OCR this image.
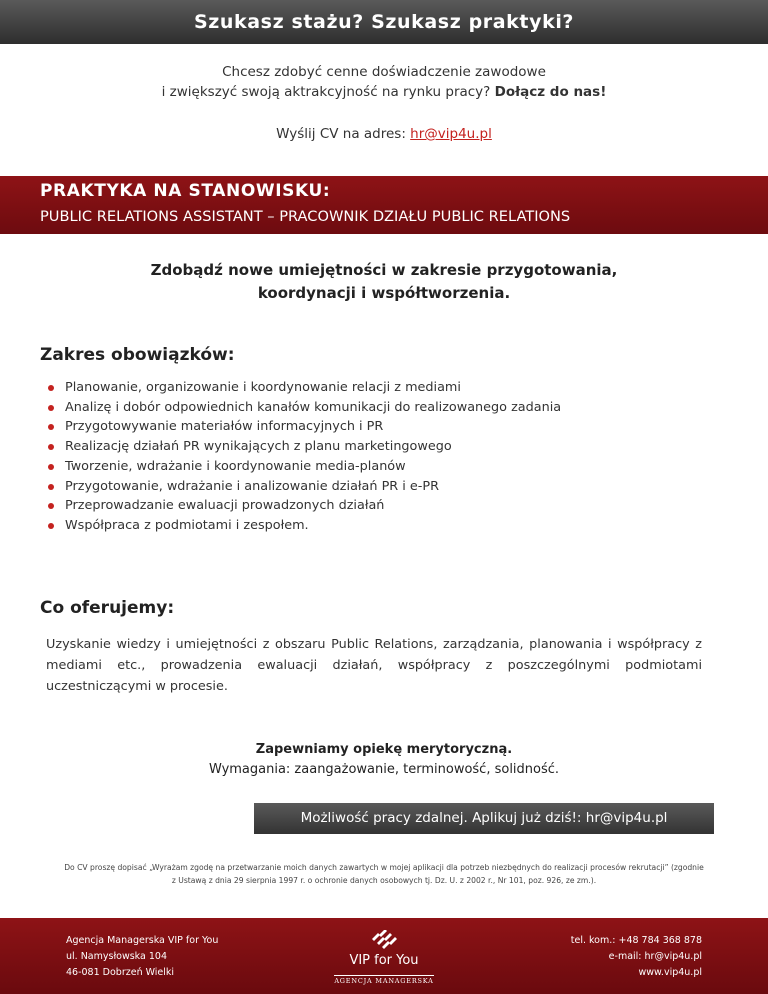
Szukasz stażu? Szukasz praktyki?
Chcesz zdobyć cenne doświadczenie zawodowe
i zwiększyć swoją aktrakcyjność na rynku pracy? Dołącz do nas!
Wyślij CV na adres: hr@vip4u.pl
PRAKTYKA NA STANOWISKU:
PUBLIC RELATIONS ASSISTANT – PRACOWNIK DZIAŁU PUBLIC RELATIONS
Zdobądź nowe umiejętności w zakresie przygotowania,
koordynacji i współtworzenia.
Zakres obowiązków:
Planowanie, organizowanie i koordynowanie relacji z mediami
Analizę i dobór odpowiednich kanałów komunikacji do realizowanego zadania
Przygotowywanie materiałów informacyjnych i PR
Realizację działań PR wynikających z planu marketingowego
Tworzenie, wdrażanie i koordynowanie media-planów
Przygotowanie, wdrażanie i analizowanie działań PR i e-PR
Przeprowadzanie ewaluacji prowadzonych działań
Współpraca z podmiotami i zespołem.
Co oferujemy:
Uzyskanie wiedzy i umiejętności z obszaru Public Relations, zarządzania, planowania i współpracy z mediami etc., prowadzenia ewaluacji działań, współpracy z poszczególnymi podmiotami uczestniczącymi w procesie.
Zapewniamy opiekę merytoryczną.
Wymagania: zaangażowanie, terminowość, solidność.
Możliwość pracy zdalnej. Aplikuj już dziś!: hr@vip4u.pl
Do CV proszę dopisać „Wyrażam zgodę na przetwarzanie moich danych zawartych w mojej aplikacji dla potrzeb niezbędnych do realizacji procesów rekrutacji” (zgodnie z Ustawą z dnia 29 sierpnia 1997 r. o ochronie danych osobowych tj. Dz. U. z 2002 r., Nr 101, poz. 926, ze zm.).
Agencja Managerska VIP for You
ul. Namysłowska 104
46-081 Dobrzeń Wielki
VIP for You
AGENCJA MANAGERSKA
tel. kom.: +48 784 368 878
e-mail: hr@vip4u.pl
www.vip4u.pl
